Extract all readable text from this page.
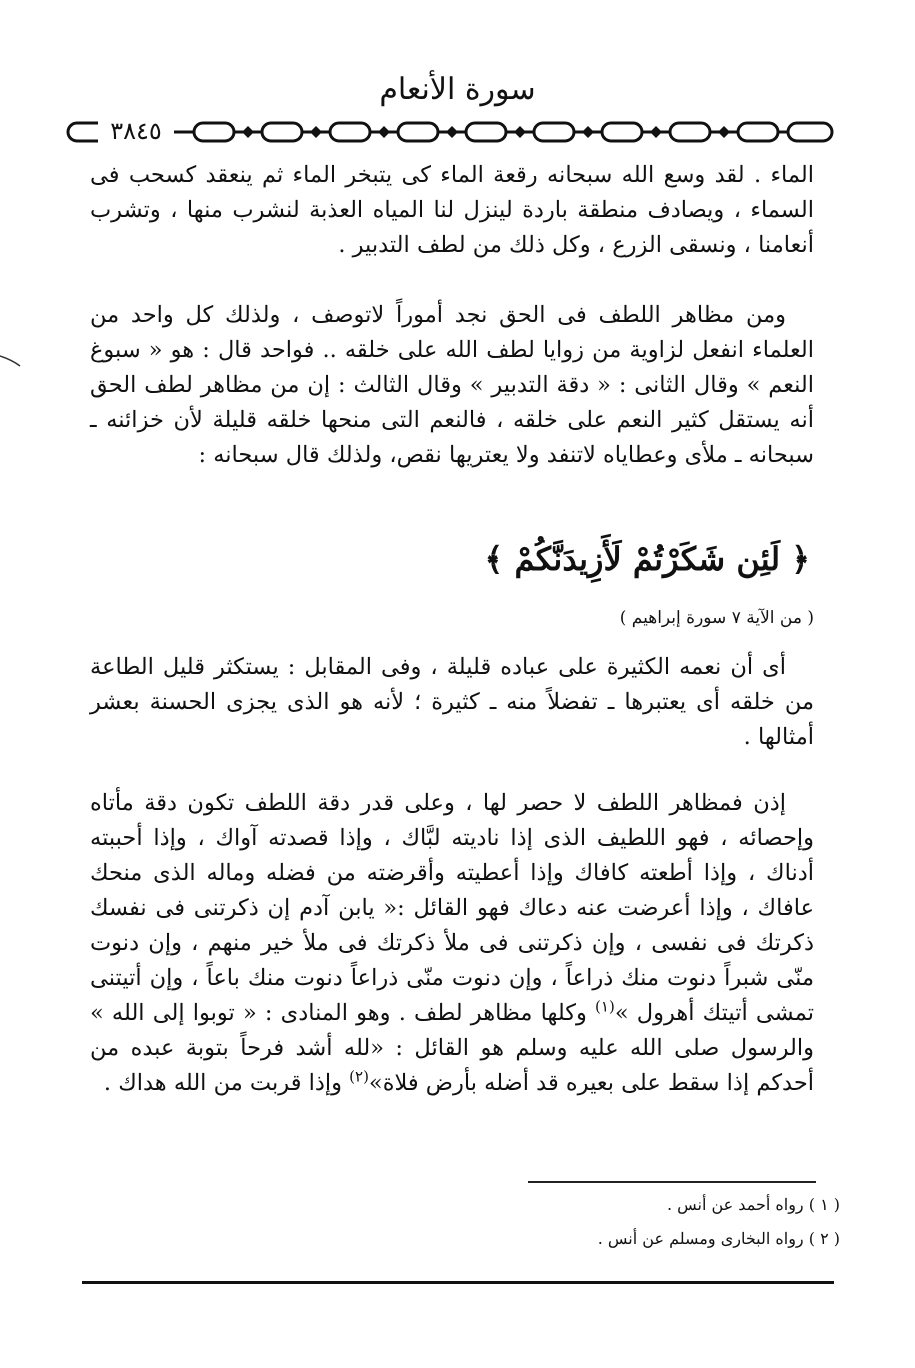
سورة الأنعام
٣٨٤٥

الماء . لقد وسع الله سبحانه رقعة الماء كى يتبخر الماء ثم ينعقد كسحب فى السماء ، ويصادف منطقة باردة لينزل لنا المياه العذبة لنشرب منها ، وتشرب أنعامنا ، ونسقى الزرع ، وكل ذلك من لطف التدبير .

ومن مظاهر اللطف فى الحق نجد أموراً لاتوصف ، ولذلك كل واحد من العلماء انفعل لزاوية من زوايا لطف الله على خلقه .. فواحد قال : هو « سبوغ النعم » وقال الثانى : « دقة التدبير » وقال الثالث : إن من مظاهر لطف الحق أنه يستقل كثير النعم على خلقه ، فالنعم التى منحها خلقه قليلة لأن خزائنه ـ سبحانه ـ ملأى وعطاياه لاتنفد ولا يعتريها نقص، ولذلك قال سبحانه :

﴿ لَئِن شَكَرْتُمْ لَأَزِيدَنَّكُمْ ﴾
( من الآية ٧ سورة إبراهيم )

أى أن نعمه الكثيرة على عباده قليلة ، وفى المقابل : يستكثر قليل الطاعة من خلقه أى يعتبرها ـ تفضلاً منه ـ كثيرة ؛ لأنه هو الذى يجزى الحسنة بعشر أمثالها .

إذن فمظاهر اللطف لا حصر لها ، وعلى قدر دقة اللطف تكون دقة مأتاه وإحصائه ، فهو اللطيف الذى إذا ناديته لبَّاك ، وإذا قصدته آواك ، وإذا أحببته أدناك ، وإذا أطعته كافاك وإذا أعطيته وأقرضته من فضله وماله الذى منحك عافاك ، وإذا أعرضت عنه دعاك فهو القائل :« يابن آدم إن ذكرتنى فى نفسك ذكرتك فى نفسى ، وإن ذكرتنى فى ملأ ذكرتك فى ملأ خير منهم ، وإن دنوت منّى شبراً دنوت منك ذراعاً ، وإن دنوت منّى ذراعاً دنوت منك باعاً ، وإن أتيتنى تمشى أتيتك أهرول »$^{(١)}$ وكلها مظاهر لطف . وهو المنادى : « توبوا إلى الله » والرسول صلى الله عليه وسلم هو القائل : «لله أشد فرحاً بتوبة عبده من أحدكم إذا سقط على بعيره قد أضله بأرض فلاة»$^{(٢)}$ وإذا قربت من الله هداك .

( ١ ) رواه أحمد عن أنس .
( ٢ ) رواه البخارى ومسلم عن أنس .
